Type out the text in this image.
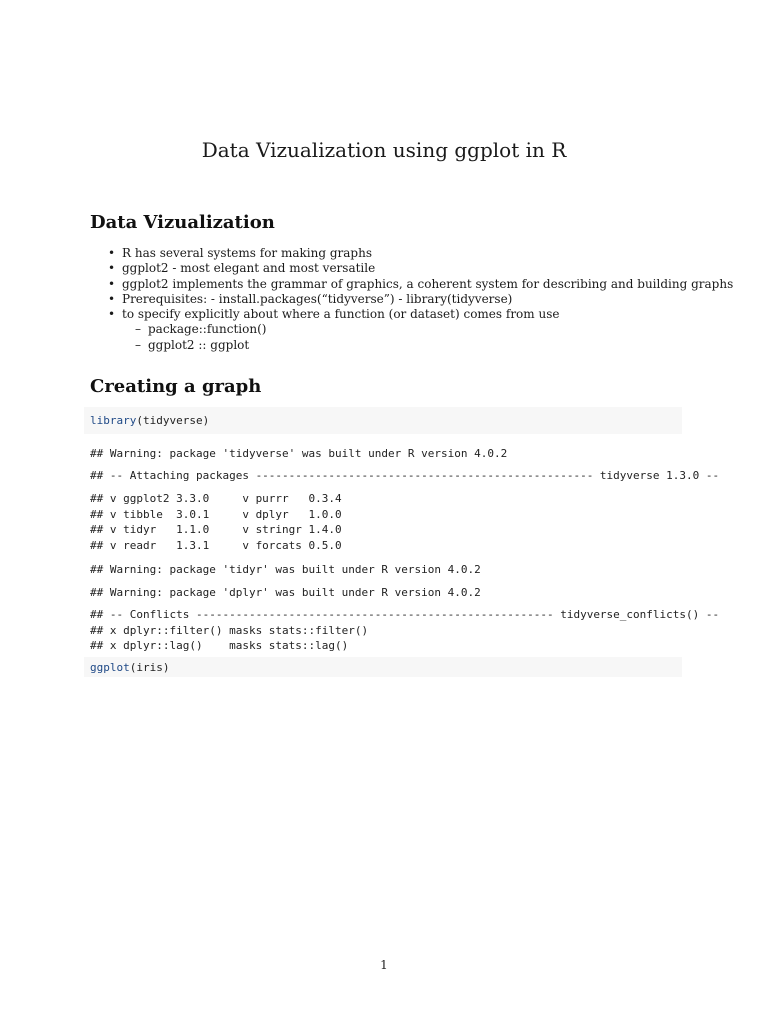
Data Vizualization using ggplot in R
Data Vizualization
• R has several systems for making graphs
• ggplot2 - most elegant and most versatile
• ggplot2 implements the grammar of graphics, a coherent system for describing and building graphs
• Prerequisites: - install.packages(“tidyverse”) - library(tidyverse)
• to specify explicitly about where a function (or dataset) comes from use
– package::function()
– ggplot2 :: ggplot
Creating a graph
library (tidyverse)
## Warning: package 'tidyverse' was built under R version 4.0.2
## -- Attaching packages --------------------------------------------------- tidyverse 1.3.0 --
## v ggplot2 3.3.0     v purrr   0.3.4
## v tibble  3.0.1     v dplyr   1.0.0
## v tidyr   1.1.0     v stringr 1.4.0
## v readr   1.3.1     v forcats 0.5.0
## Warning: package 'tidyr' was built under R version 4.0.2
## Warning: package 'dplyr' was built under R version 4.0.2
## -- Conflicts ------------------------------------------------------ tidyverse_conflicts() --
## x dplyr::filter() masks stats::filter()
## x dplyr::lag()    masks stats::lag()
ggplot (iris)
1
